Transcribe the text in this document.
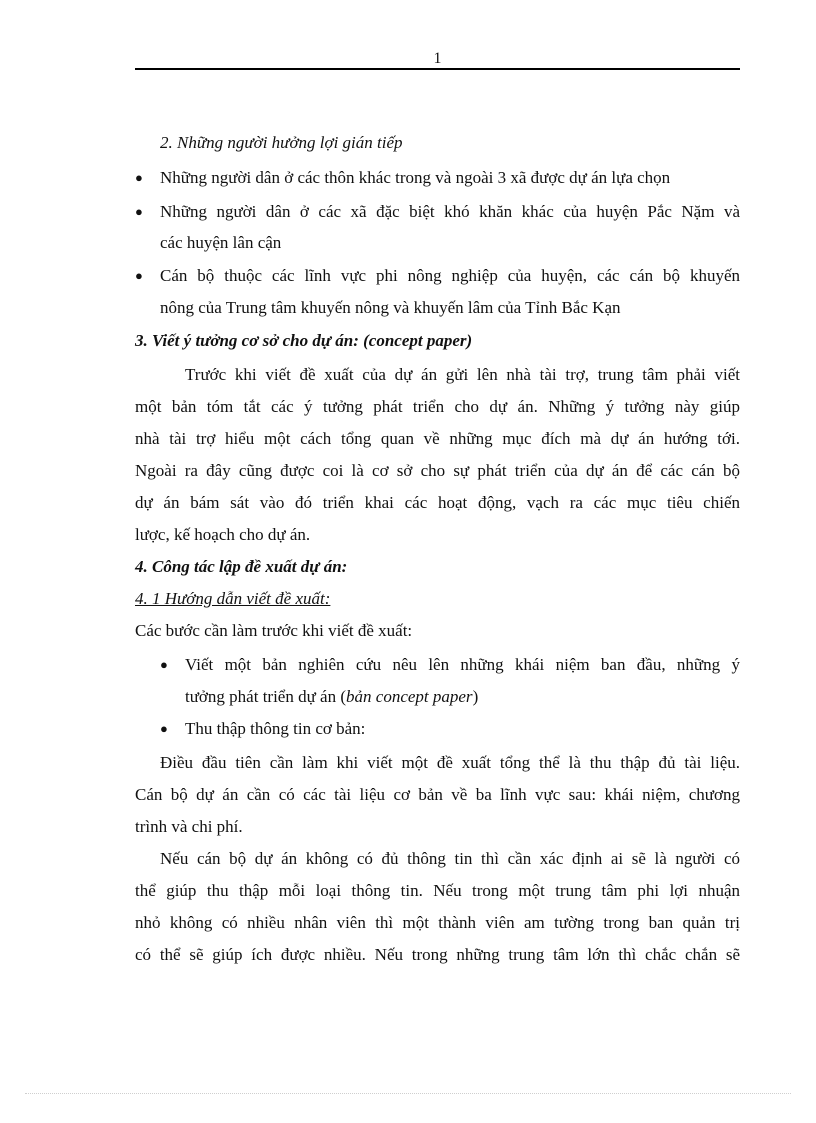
1
2. Những người hưởng lợi gián tiếp
● Những người dân ở các thôn khác trong và ngoài 3 xã được dự án lựa chọn
● Những người dân ở các xã đặc biệt khó khăn khác của huyện Pắc Nặm và
các huyện lân cận
● Cán bộ thuộc các lĩnh vực phi nông nghiệp của huyện, các cán bộ khuyến
nông của Trung tâm khuyến nông và khuyến lâm của Tỉnh Bắc Kạn
3. Viết ý tưởng cơ sở cho dự án: (concept paper)
Trước khi viết đề xuất của dự án gửi lên nhà tài trợ, trung tâm phải viết
một bản tóm tắt các ý tưởng phát triển cho dự án. Những ý tưởng này giúp
nhà tài trợ hiểu một cách tổng quan về những mục đích mà dự án hướng tới.
Ngoài ra đây cũng được coi là cơ sở cho sự phát triển của dự án để các cán bộ
dự án bám sát vào đó triển khai các hoạt động, vạch ra các mục tiêu chiến
lược, kế hoạch cho dự án.
4. Công tác lập đề xuất dự án:
4. 1 Hướng dẫn viết đề xuất:
Các bước cần làm trước khi viết đề xuất:
● Viết một bản nghiên cứu nêu lên những khái niệm ban đầu, những ý
tưởng phát triển dự án (bản concept paper)
● Thu thập thông tin cơ bản:
Điều đầu tiên cần làm khi viết một đề xuất tổng thể là thu thập đủ tài liệu.
Cán bộ dự án cần có các tài liệu cơ bản về ba lĩnh vực sau: khái niệm, chương
trình và chi phí.
Nếu cán bộ dự án không có đủ thông tin thì cần xác định ai sẽ là người có
thể giúp thu thập mỗi loại thông tin. Nếu trong một trung tâm phi lợi nhuận
nhỏ không có nhiều nhân viên thì một thành viên am tường trong ban quản trị
có thể sẽ giúp ích được nhiều. Nếu trong những trung tâm lớn thì chắc chắn sẽ
